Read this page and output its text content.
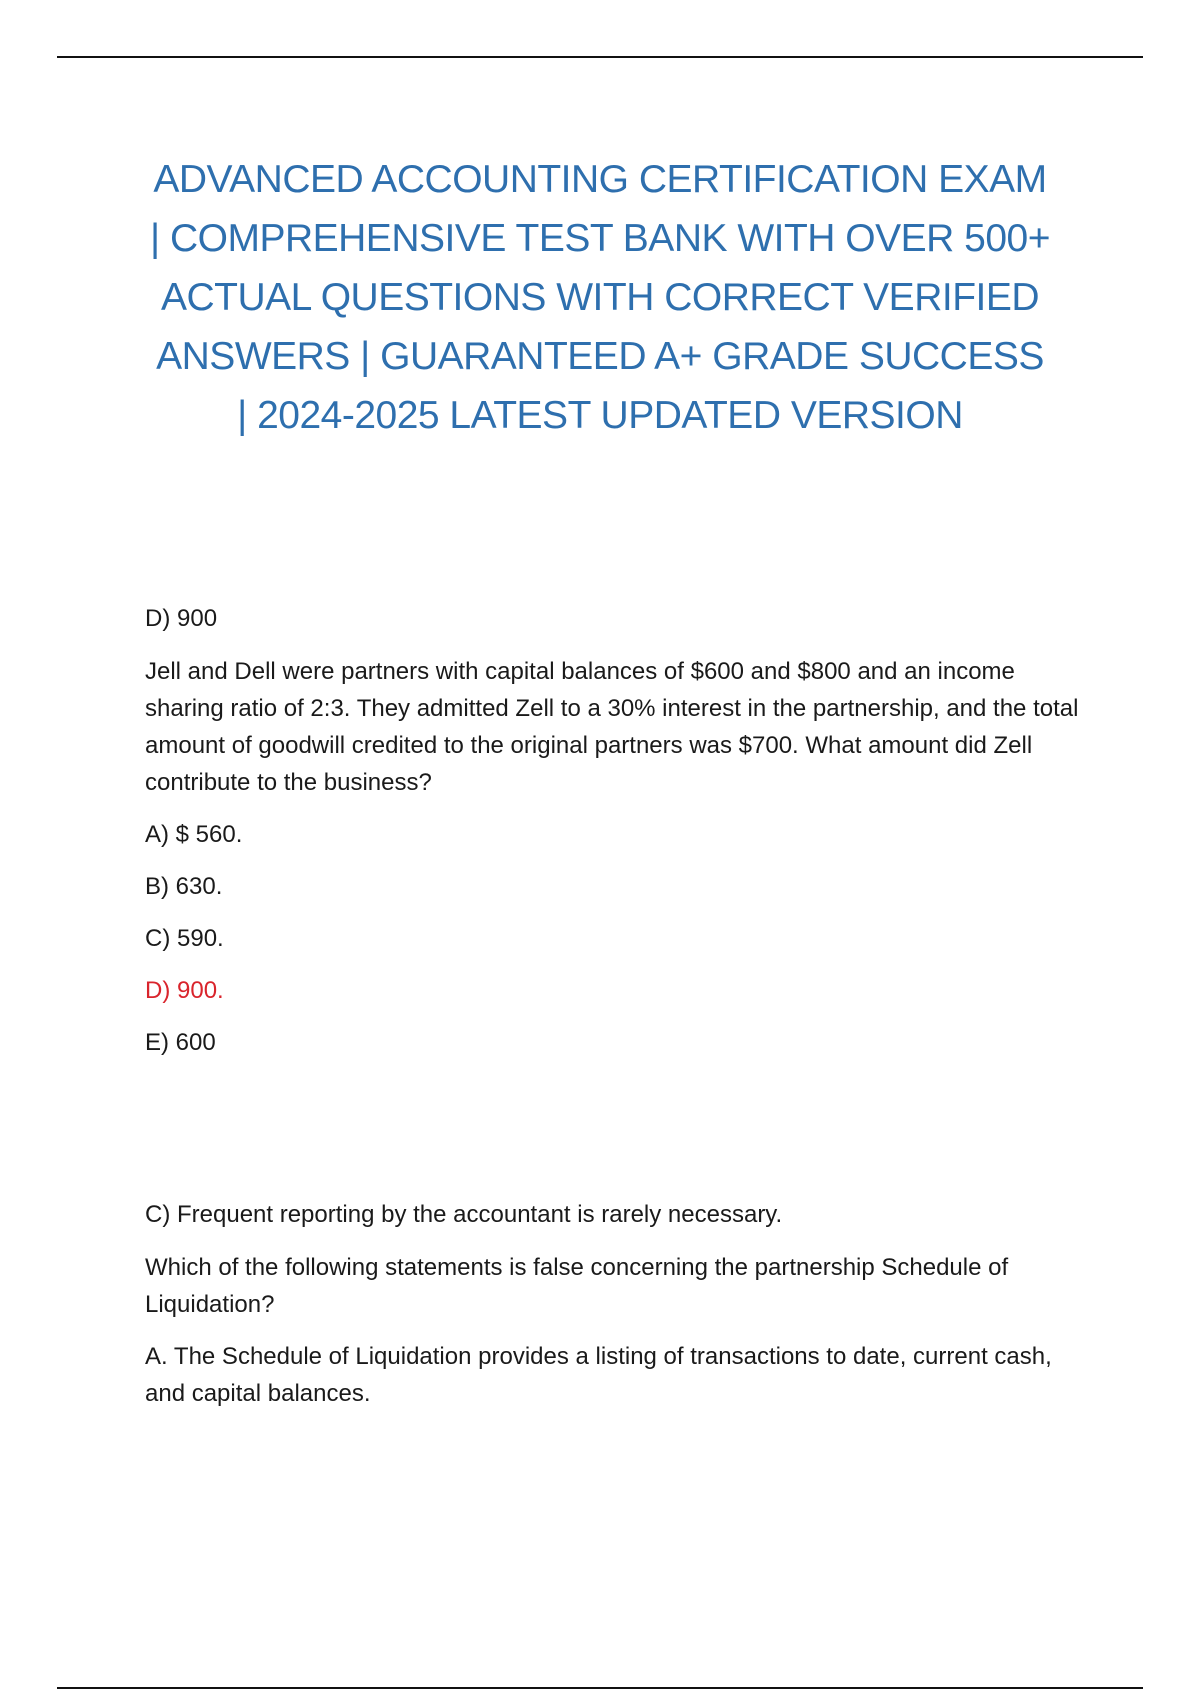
ADVANCED ACCOUNTING CERTIFICATION EXAM | COMPREHENSIVE TEST BANK WITH OVER 500+ ACTUAL QUESTIONS WITH CORRECT VERIFIED ANSWERS | GUARANTEED A+ GRADE SUCCESS | 2024-2025 LATEST UPDATED VERSION

D) 900

Jell and Dell were partners with capital balances of $600 and $800 and an income sharing ratio of 2:3. They admitted Zell to a 30% interest in the partnership, and the total amount of goodwill credited to the original partners was $700. What amount did Zell contribute to the business?

A) $ 560.

B) 630.

C) 590.

D) 900.

E) 600

C) Frequent reporting by the accountant is rarely necessary.

Which of the following statements is false concerning the partnership Schedule of Liquidation?

A. The Schedule of Liquidation provides a listing of transactions to date, current cash, and capital balances.
